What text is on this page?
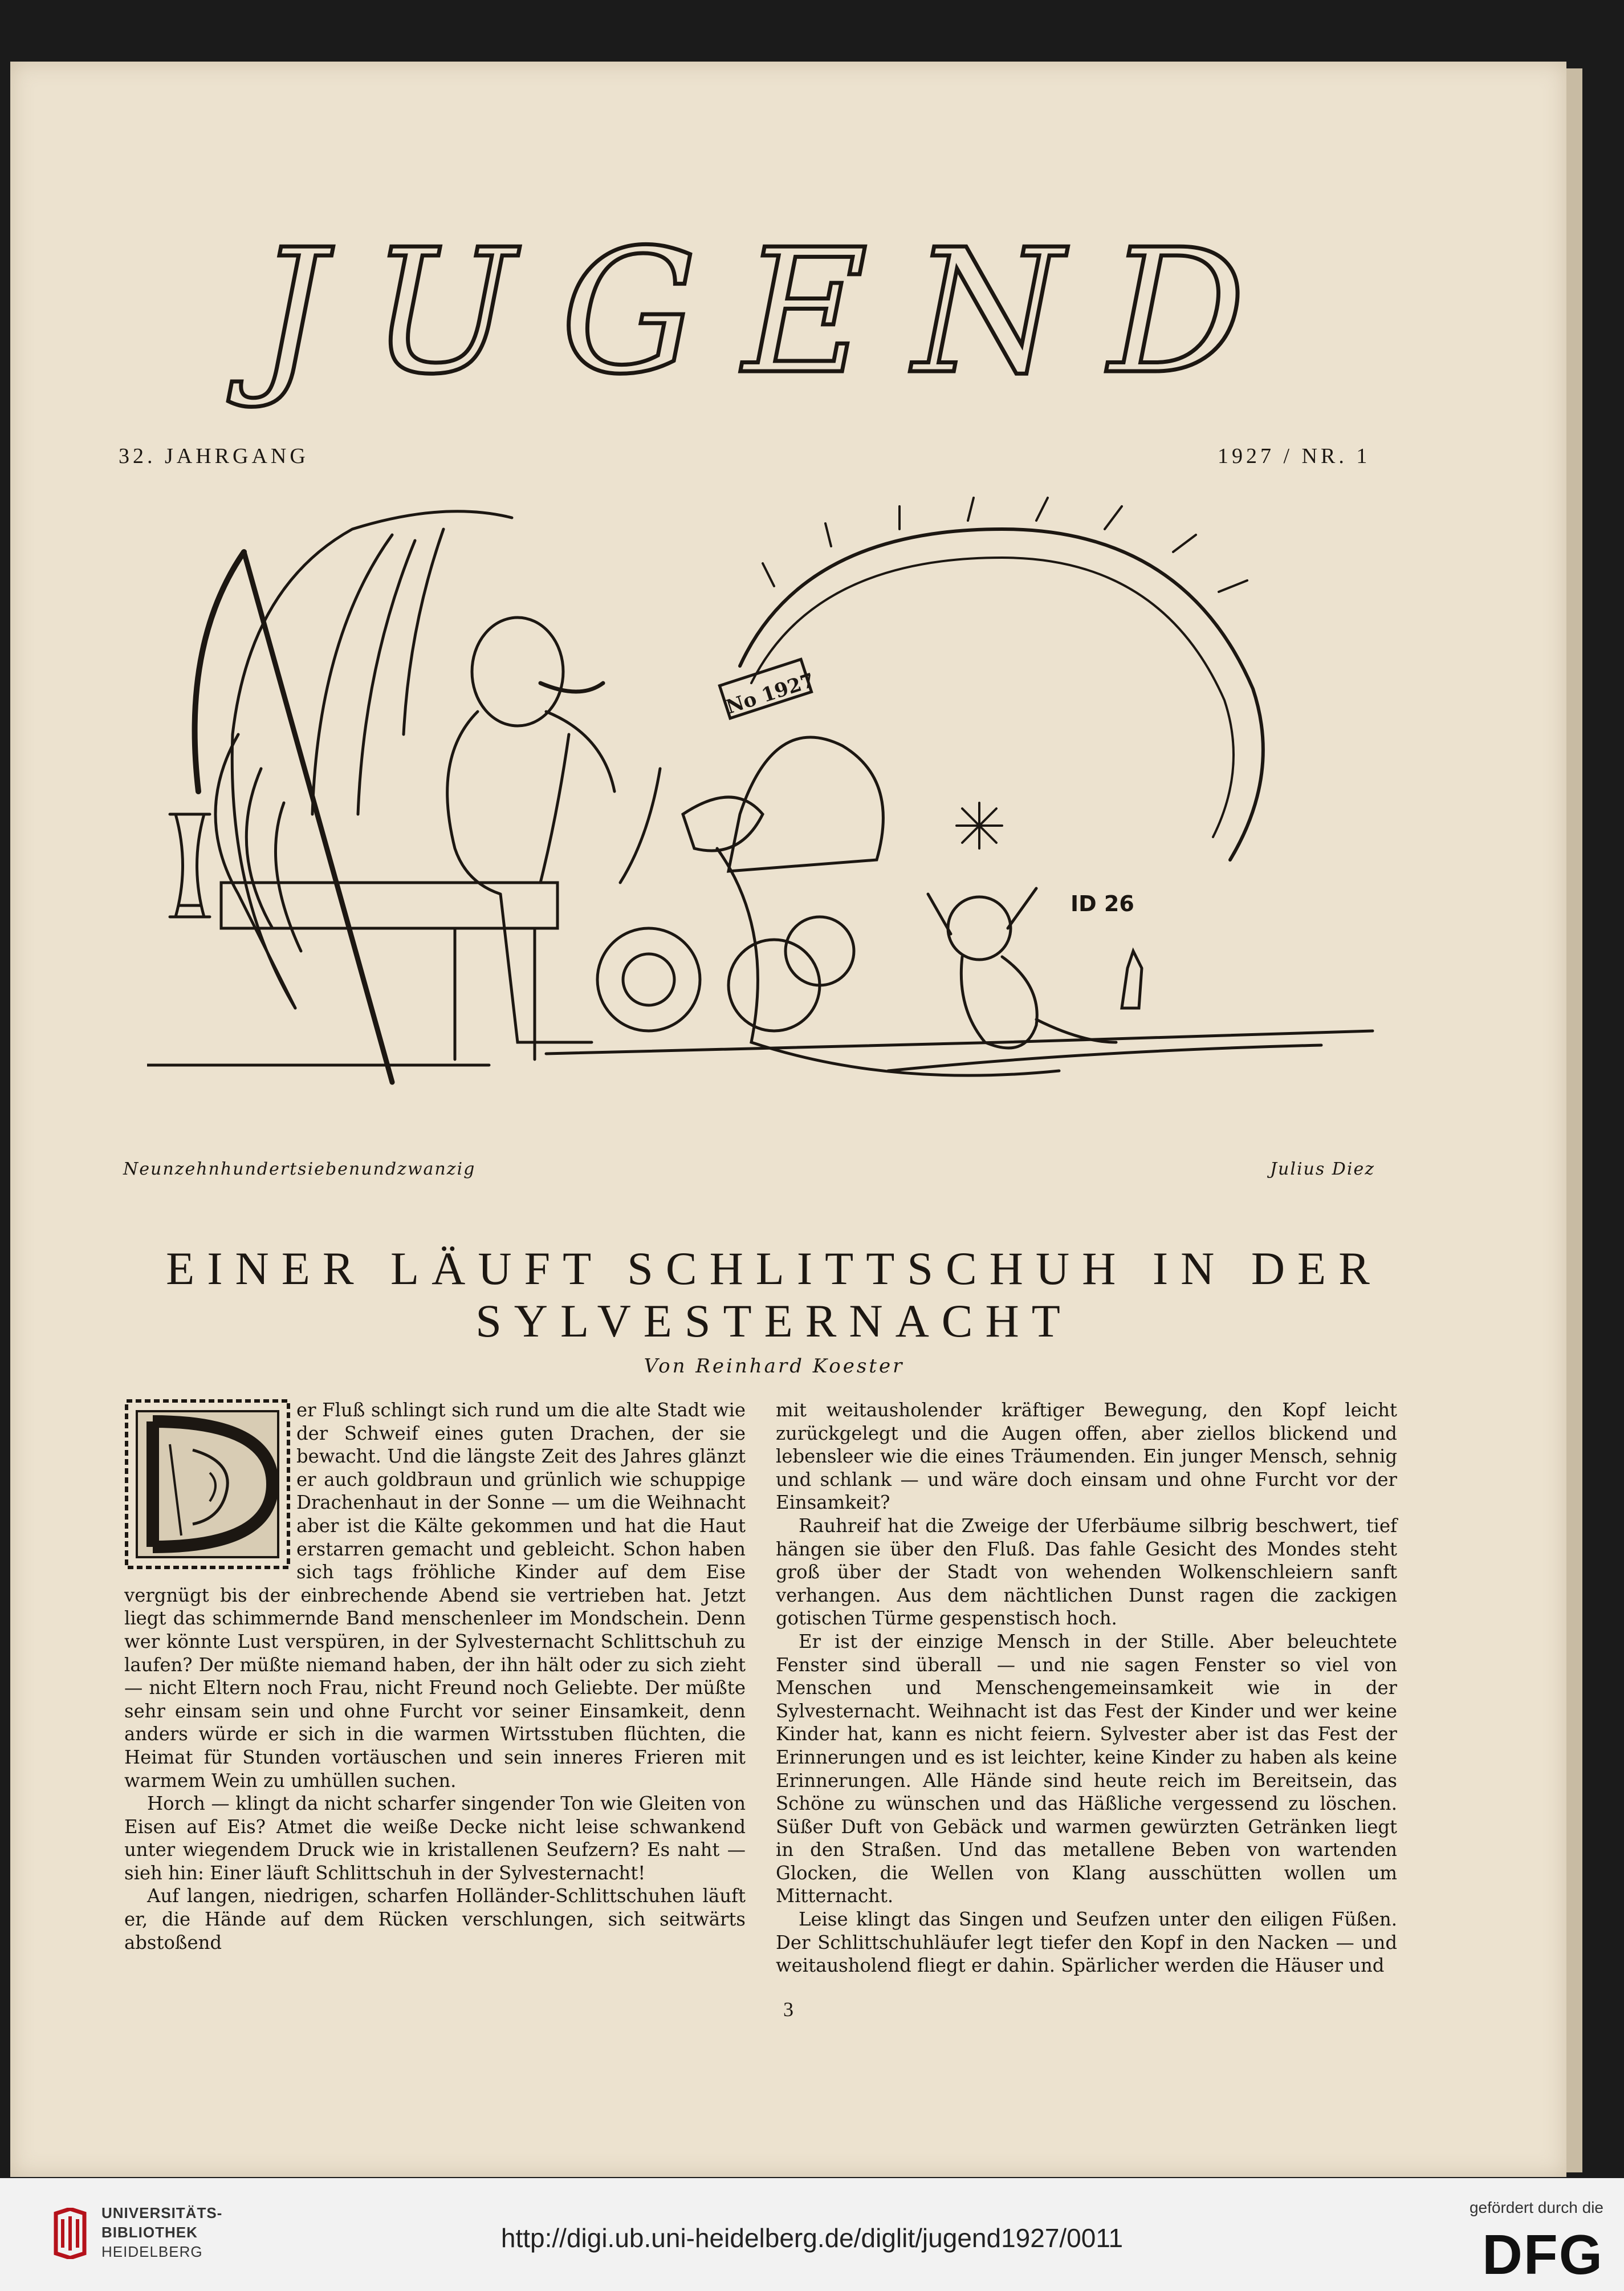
JUGEND
32. JAHRGANG	1927 / NR. 1
No 1927
ID 26
Neunzehnhundertsiebenundzwanzig	Julius Diez
EINER LÄUFT SCHLITTSCHUH IN DER
SYLVESTERNACHT
Von Reinhard Koester

er Fluß schlingt sich rund um die alte Stadt wie der Schweif eines guten Drachen, der sie bewacht. Und die längste Zeit des Jahres glänzt er auch goldbraun und grünlich wie schuppige Drachenhaut in der Sonne — um die Weihnacht aber ist die Kälte gekommen und hat die Haut erstarren gemacht und gebleicht. Schon haben sich tags fröhliche Kinder auf dem Eise vergnügt bis der einbrechende Abend sie vertrieben hat. Jetzt liegt das schimmernde Band menschenleer im Mondschein. Denn wer könnte Lust verspüren, in der Sylvesternacht Schlittschuh zu laufen? Der müßte niemand haben, der ihn hält oder zu sich zieht — nicht Eltern noch Frau, nicht Freund noch Geliebte. Der müßte sehr einsam sein und ohne Furcht vor seiner Einsamkeit, denn anders würde er sich in die warmen Wirtsstuben flüchten, die Heimat für Stunden vortäuschen und sein inneres Frieren mit warmem Wein zu umhüllen suchen.

Horch — klingt da nicht scharfer singender Ton wie Gleiten von Eisen auf Eis? Atmet die weiße Decke nicht leise schwankend unter wiegendem Druck wie in kristallenen Seufzern? Es naht — sieh hin: Einer läuft Schlittschuh in der Sylvesternacht!

Auf langen, niedrigen, scharfen Holländer-Schlittschuhen läuft er, die Hände auf dem Rücken verschlungen, sich seitwärts abstoßend

mit weitausholender kräftiger Bewegung, den Kopf leicht zurückgelegt und die Augen offen, aber ziellos blickend und lebensleer wie die eines Träumenden. Ein junger Mensch, sehnig und schlank — und wäre doch einsam und ohne Furcht vor der Einsamkeit?

Rauhreif hat die Zweige der Uferbäume silbrig beschwert, tief hängen sie über den Fluß. Das fahle Gesicht des Mondes steht groß über der Stadt von wehenden Wolkenschleiern sanft verhangen. Aus dem nächtlichen Dunst ragen die zackigen gotischen Türme gespenstisch hoch.

Er ist der einzige Mensch in der Stille. Aber beleuchtete Fenster sind überall — und nie sagen Fenster so viel von Menschen und Menschengemeinsamkeit wie in der Sylvesternacht. Weihnacht ist das Fest der Kinder und wer keine Kinder hat, kann es nicht feiern. Sylvester aber ist das Fest der Erinnerungen und es ist leichter, keine Kinder zu haben als keine Erinnerungen. Alle Hände sind heute reich im Bereitsein, das Schöne zu wünschen und das Häßliche vergessend zu löschen. Süßer Duft von Gebäck und warmen gewürzten Getränken liegt in den Straßen. Und das metallene Beben von wartenden Glocken, die Wellen von Klang ausschütten wollen um Mitternacht.

Leise klingt das Singen und Seufzen unter den eiligen Füßen. Der Schlittschuhläufer legt tiefer den Kopf in den Nacken — und weitausholend fliegt er dahin. Spärlicher werden die Häuser und

3
UNIVERSITÄTS-
BIBLIOTHEK
HEIDELBERG	http://digi.ub.uni-heidelberg.de/diglit/jugend1927/0011
gefördert durch die
DFG
